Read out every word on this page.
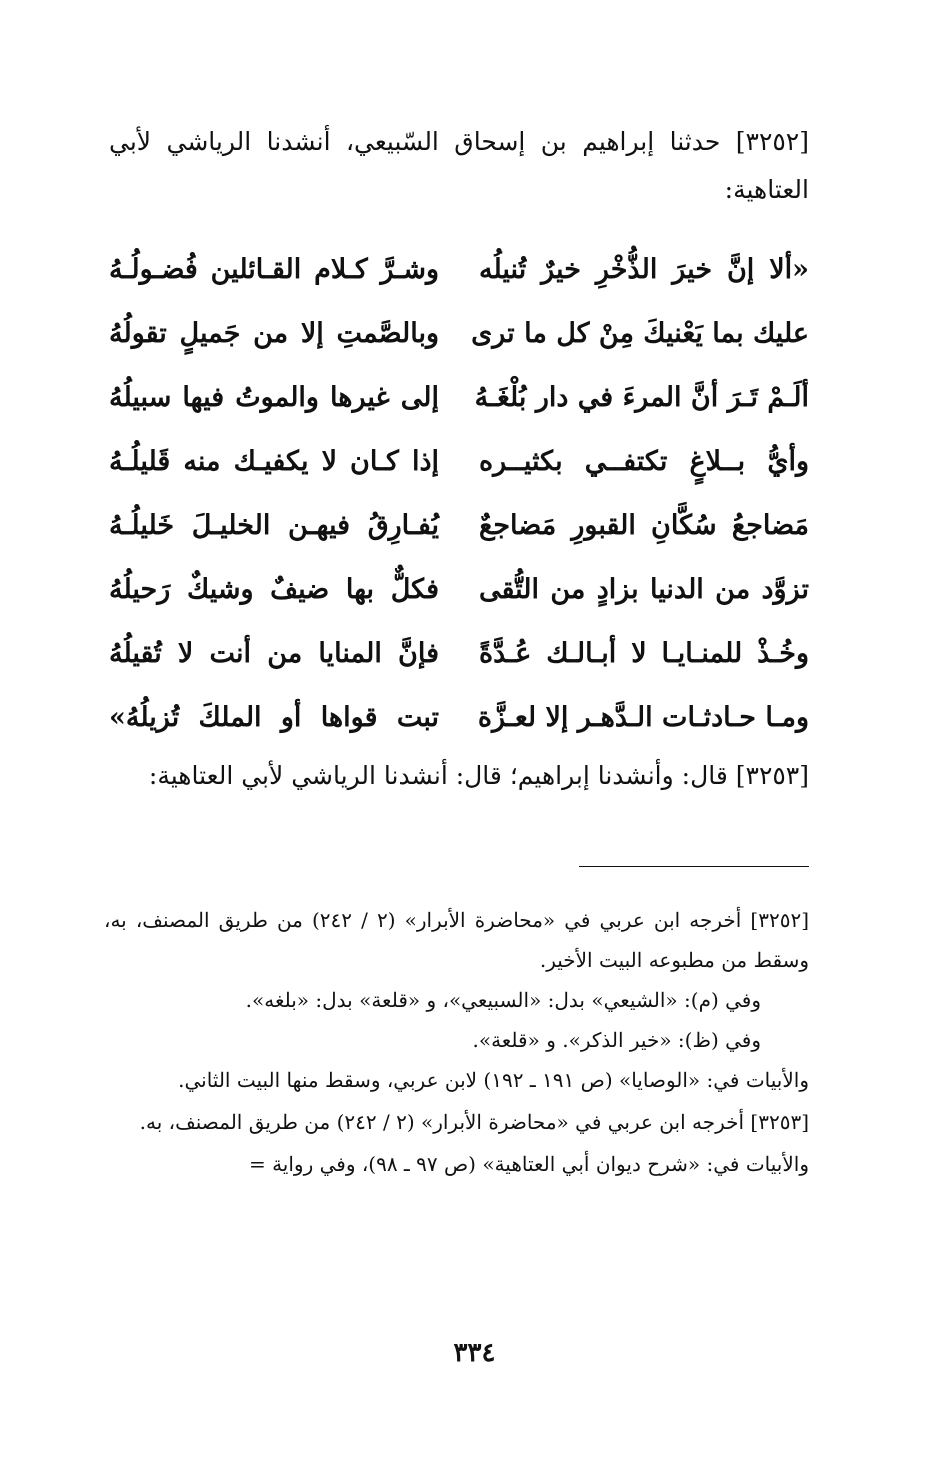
[٣٢٥٢] حدثنا إبراهيم بن إسحاق السّبيعي، أنشدنا الرياشي لأبي العتاهية:
«ألا إنَّ خيرَ الذُّخْرِ خيرٌ تُنيلُه
وشـرَّ كـلام القـائلين فُضـولُـهُ
عليك بما يَعْنيكَ مِنْ كل ما ترى
وبالصَّمتِ إلا من جَميلٍ تقولُهُ
ألَـمْ تَـرَ أنَّ المرءَ في دار بُلْغَـهُ
إلى غيرها والموتُ فيها سبيلُهُ
وأيُّ بــلاغٍ تكتفــي بكثيــره
إذا كـان لا يكفيـك منه قَليلُـهُ
مَضاجعُ سُكَّانِ القبورِ مَضاجعٌ
يُفـارِقُ فيهـن الخليـلَ خَليلُـهُ
تزوَّد من الدنيا بزادٍ من التُّقى
فكلٌّ بها ضيفٌ وشيكٌ رَحيلُهُ
وخُـذْ للمنـايـا لا أبـالـك عُـدَّةً
فإنَّ المنايا من أنت لا تُقيلُهُ
ومـا حـادثـات الـدَّهـر إلا لعـزَّة
تبت قواها أو الملكَ تُزيلُهُ»
[٣٢٥٣] قال: وأنشدنا إبراهيم؛ قال: أنشدنا الرياشي لأبي العتاهية:

[٣٢٥٢] أخرجه ابن عربي في «محاضرة الأبرار» (٢ / ٢٤٢) من طريق المصنف، به، وسقط من مطبوعه البيت الأخير.

وفي (م): «الشيعي» بدل: «السبيعي»، و «قلعة» بدل: «بلغه».

وفي (ظ): «خير الذكر». و «قلعة».

والأبيات في: «الوصايا» (ص ١٩١ ـ ١٩٢) لابن عربي، وسقط منها البيت الثاني.

[٣٢٥٣] أخرجه ابن عربي في «محاضرة الأبرار» (٢ / ٢٤٢) من طريق المصنف، به.

والأبيات في: «شرح ديوان أبي العتاهية» (ص ٩٧ ـ ٩٨)، وفي رواية =

٣٣٤
